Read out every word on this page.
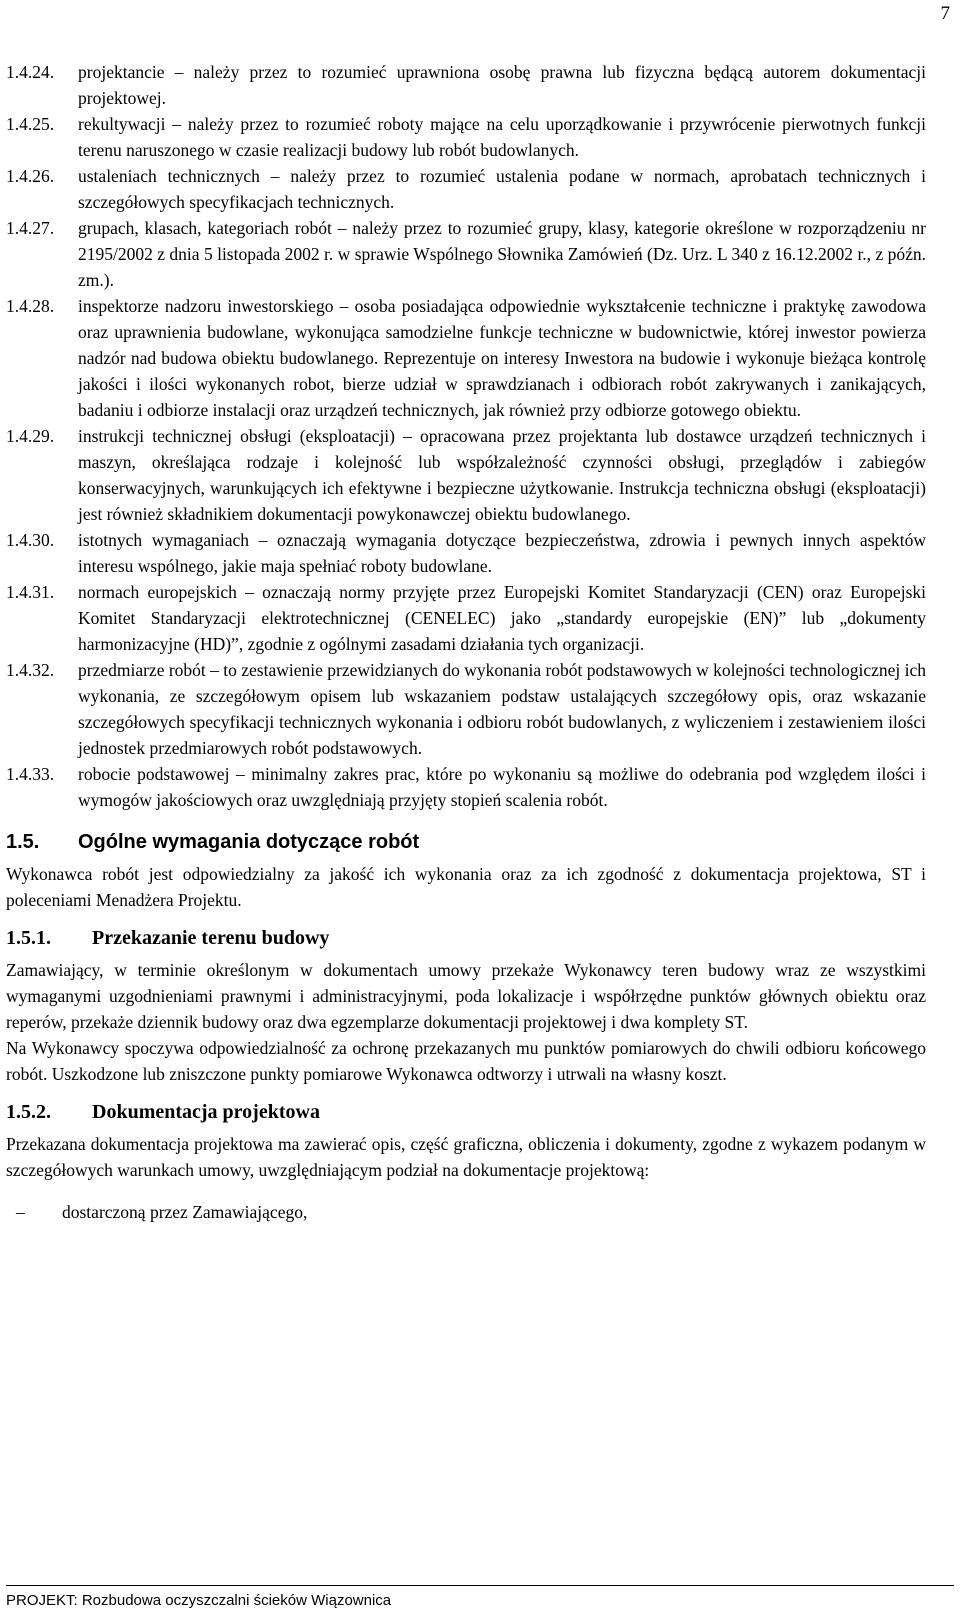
7
1.4.24.	projektancie – należy przez to rozumieć uprawniona osobę prawna lub fizyczna będącą autorem dokumentacji projektowej.
1.4.25.	rekultywacji – należy przez to rozumieć roboty mające na celu uporządkowanie i przywrócenie pierwotnych funkcji terenu naruszonego w czasie realizacji budowy lub robót budowlanych.
1.4.26.	ustaleniach technicznych – należy przez to rozumieć ustalenia podane w normach, aprobatach technicznych i szczegółowych specyfikacjach technicznych.
1.4.27.	grupach, klasach, kategoriach robót – należy przez to rozumieć grupy, klasy, kategorie określone w rozporządzeniu nr 2195/2002 z dnia 5 listopada 2002 r. w sprawie Wspólnego Słownika Zamówień (Dz. Urz. L 340 z 16.12.2002 r., z późn. zm.).
1.4.28.	inspektorze nadzoru inwestorskiego – osoba posiadająca odpowiednie wykształcenie techniczne i praktykę zawodowa oraz uprawnienia budowlane, wykonująca samodzielne funkcje techniczne w budownictwie, której inwestor powierza nadzór nad budowa obiektu budowlanego. Reprezentuje on interesy Inwestora na budowie i wykonuje bieżąca kontrolę jakości i ilości wykonanych robot, bierze udział w sprawdzianach i odbiorach robót zakrywanych i zanikających, badaniu i odbiorze instalacji oraz urządzeń technicznych, jak również przy odbiorze gotowego obiektu.
1.4.29.	instrukcji technicznej obsługi (eksploatacji) – opracowana przez projektanta lub dostawce urządzeń technicznych i maszyn, określająca rodzaje i kolejność lub współzależność czynności obsługi, przeglądów i zabiegów konserwacyjnych, warunkujących ich efektywne i bezpieczne użytkowanie. Instrukcja techniczna obsługi (eksploatacji) jest również składnikiem dokumentacji powykonawczej obiektu budowlanego.
1.4.30.	istotnych wymaganiach – oznaczają wymagania dotyczące bezpieczeństwa, zdrowia i pewnych innych aspektów interesu wspólnego, jakie maja spełniać roboty budowlane.
1.4.31.	normach europejskich – oznaczają normy przyjęte przez Europejski Komitet Standaryzacji (CEN) oraz Europejski Komitet Standaryzacji elektrotechnicznej (CENELEC) jako „standardy europejskie (EN)” lub „dokumenty harmonizacyjne (HD)”, zgodnie z ogólnymi zasadami działania tych organizacji.
1.4.32.	przedmiarze robót – to zestawienie przewidzianych do wykonania robót podstawowych w kolejności technologicznej ich wykonania, ze szczegółowym opisem lub wskazaniem podstaw ustalających szczegółowy opis, oraz wskazanie szczegółowych specyfikacji technicznych wykonania i odbioru robót budowlanych, z wyliczeniem i zestawieniem ilości jednostek przedmiarowych robót podstawowych.
1.4.33.	robocie podstawowej – minimalny zakres prac, które po wykonaniu są możliwe do odebrania pod względem ilości i wymogów jakościowych oraz uwzględniają przyjęty stopień scalenia robót.
1.5.	Ogólne wymagania dotyczące robót

Wykonawca robót jest odpowiedzialny za jakość ich wykonania oraz za ich zgodność z dokumentacja projektowa, ST i poleceniami Menadżera Projektu.

1.5.1.	Przekazanie terenu budowy

Zamawiający, w terminie określonym w dokumentach umowy przekaże Wykonawcy teren budowy wraz ze wszystkimi wymaganymi uzgodnieniami prawnymi i administracyjnymi, poda lokalizacje i współrzędne punktów głównych obiektu oraz reperów, przekaże dziennik budowy oraz dwa egzemplarze dokumentacji projektowej i dwa komplety ST.

Na Wykonawcy spoczywa odpowiedzialność za ochronę przekazanych mu punktów pomiarowych do chwili odbioru końcowego robót. Uszkodzone lub zniszczone punkty pomiarowe Wykonawca odtworzy i utrwali na własny koszt.

1.5.2.	Dokumentacja projektowa

Przekazana dokumentacja projektowa ma zawierać opis, część graficzna, obliczenia i dokumenty, zgodne z wykazem podanym w szczegółowych warunkach umowy, uwzględniającym podział na dokumentacje projektową:

–	dostarczoną przez Zamawiającego,
PROJEKT: Rozbudowa oczyszczalni ścieków Wiązownica
